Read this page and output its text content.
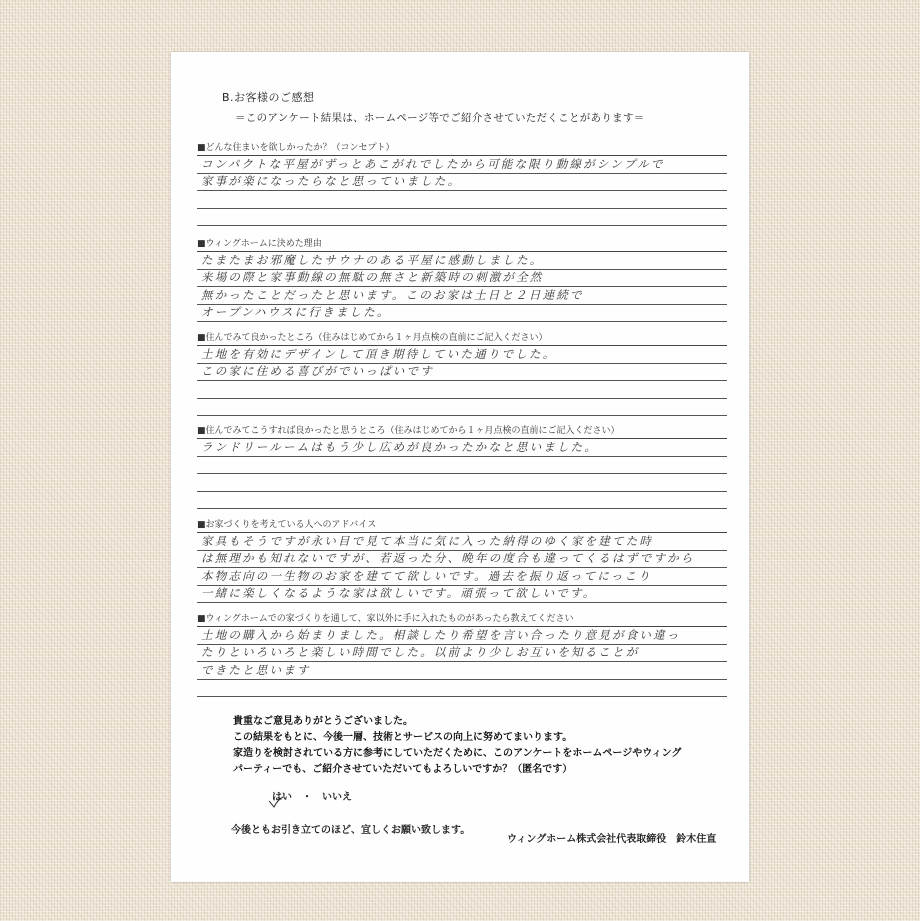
B.お客様のご感想
＝このアンケート結果は、ホームページ等でご紹介させていただくことがあります＝
■どんな住まいを欲しかったか？（コンセプト）
コンパクトな平屋がずっとあこがれでしたから可能な限り動線がシンプルで
家事が楽になったらなと思っていました。
■ウィングホームに決めた理由
たまたまお邪魔したサウナのある平屋に感動しました。
来場の際と家事動線の無駄の無さと新築時の刺激が全然
無かったことだったと思います。このお家は土日と２日連続で
オープンハウスに行きました。
■住んでみて良かったところ（住みはじめてから１ヶ月点検の直前にご記入ください）
土地を有効にデザインして頂き期待していた通りでした。
この家に住める喜びがでいっぱいです
■住んでみてこうすれば良かったと思うところ（住みはじめてから１ヶ月点検の直前にご記入ください）
ランドリールームはもう少し広めが良かったかなと思いました。
■お家づくりを考えている人へのアドバイス
家具もそうですが永い目で見て本当に気に入った納得のゆく家を建てた時
は無理かも知れないですが、若返った分、晩年の度合も違ってくるはずですから
本物志向の一生物のお家を建てて欲しいです。過去を振り返ってにっこり
一緒に楽しくなるような家は欲しいです。頑張って欲しいです。
■ウィングホームでの家づくりを通して、家以外に手に入れたものがあったら教えてください
土地の購入から始まりました。相談したり希望を言い合ったり意見が食い違っ
たりといろいろと楽しい時間でした。以前より少しお互いを知ることが
できたと思います
貴重なご意見ありがとうございました。
この結果をもとに、今後一層、技術とサービスの向上に努めてまいります。
家造りを検討されている方に参考にしていただくために、このアンケートをホームページやウィング
パーティーでも、ご紹介させていただいてもよろしいですか？（匿名です）
はい　・　いいえ
今後ともお引き立てのほど、宜しくお願い致します。
ウィングホーム株式会社代表取締役　鈴木住直
